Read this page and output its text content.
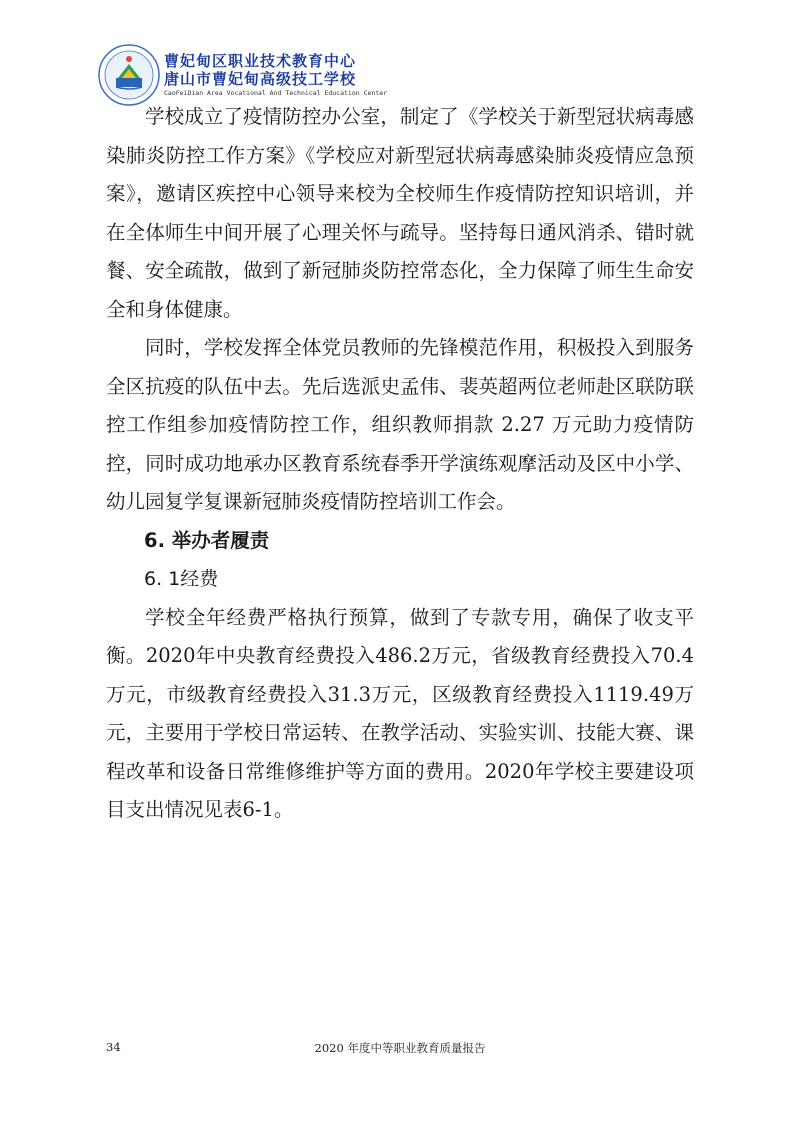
曹妃甸区职业技术教育中心
唐山市曹妃甸高级技工学校
CaoFeiDian Area Vocational And Technical Education Center

学校成立了疫情防控办公室，制定了《学校关于新型冠状病毒感染肺炎防控工作方案》《学校应对新型冠状病毒感染肺炎疫情应急预案》，邀请区疾控中心领导来校为全校师生作疫情防控知识培训，并在全体师生中间开展了心理关怀与疏导。坚持每日通风消杀、错时就餐、安全疏散，做到了新冠肺炎防控常态化，全力保障了师生生命安全和身体健康。

同时，学校发挥全体党员教师的先锋模范作用，积极投入到服务全区抗疫的队伍中去。先后选派史孟伟、裴英超两位老师赴区联防联控工作组参加疫情防控工作，组织教师捐款 2.27 万元助力疫情防控，同时成功地承办区教育系统春季开学演练观摩活动及区中小学、幼儿园复学复课新冠肺炎疫情防控培训工作会。

6. 举办者履责

6. 1经费

学校全年经费严格执行预算，做到了专款专用，确保了收支平衡。2020年中央教育经费投入486.2万元，省级教育经费投入70.4万元，市级教育经费投入31.3万元，区级教育经费投入1119.49万元，主要用于学校日常运转、在教学活动、实验实训、技能大赛、课程改革和设备日常维修维护等方面的费用。2020年学校主要建设项目支出情况见表6-1。

34	2020 年度中等职业教育质量报告
